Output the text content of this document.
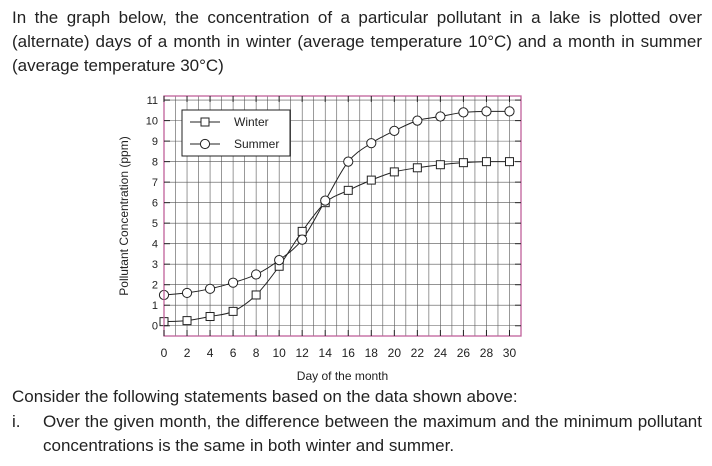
In the graph below, the concentration of a particular pollutant in a lake is plotted over (alternate) days of a month in winter (average temperature 10°C) and a month in summer (average temperature 30°C)
0 2 4 6 8 10 12 14 16 18 20 22 24 26 28 30
0
1
2
3
4
5
6
7
8
9
10
11
Day of the month
Pollutant Concentration (ppm)
Winter
Summer
Consider the following statements based on the data shown above:
i. Over the given month, the difference between the maximum and the minimum pollutant concentrations is the same in both winter and summer.
